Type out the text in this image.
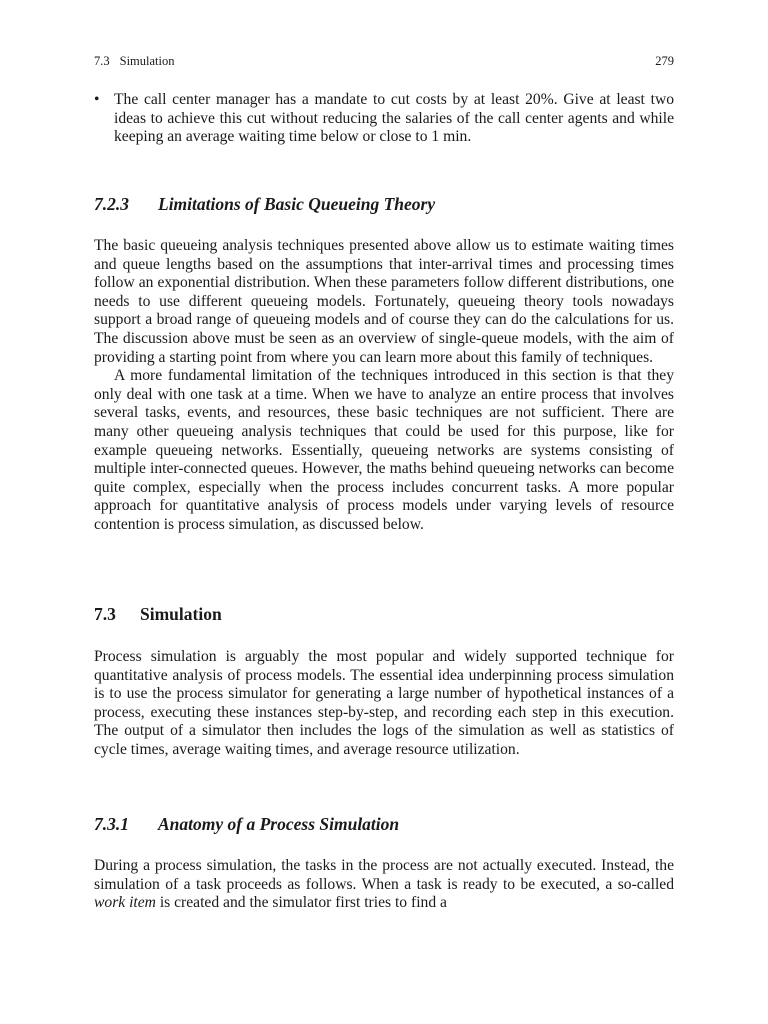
7.3 Simulation	279
• The call center manager has a mandate to cut costs by at least 20%. Give at least two ideas to achieve this cut without reducing the salaries of the call center agents and while keeping an average waiting time below or close to 1 min.
7.2.3 Limitations of Basic Queueing Theory

The basic queueing analysis techniques presented above allow us to estimate waiting times and queue lengths based on the assumptions that inter-arrival times and processing times follow an exponential distribution. When these parameters follow different distributions, one needs to use different queueing models. Fortunately, queueing theory tools nowadays support a broad range of queueing models and of course they can do the calculations for us. The discussion above must be seen as an overview of single-queue models, with the aim of providing a starting point from where you can learn more about this family of techniques.

A more fundamental limitation of the techniques introduced in this section is that they only deal with one task at a time. When we have to analyze an entire process that involves several tasks, events, and resources, these basic techniques are not sufficient. There are many other queueing analysis techniques that could be used for this purpose, like for example queueing networks. Essentially, queueing networks are systems consisting of multiple inter-connected queues. However, the maths behind queueing networks can become quite complex, especially when the process includes concurrent tasks. A more popular approach for quantitative analysis of process models under varying levels of resource contention is process simulation, as discussed below.

7.3 Simulation

Process simulation is arguably the most popular and widely supported technique for quantitative analysis of process models. The essential idea underpinning process simulation is to use the process simulator for generating a large number of hypothetical instances of a process, executing these instances step-by-step, and recording each step in this execution. The output of a simulator then includes the logs of the simulation as well as statistics of cycle times, average waiting times, and average resource utilization.

7.3.1 Anatomy of a Process Simulation

During a process simulation, the tasks in the process are not actually executed. Instead, the simulation of a task proceeds as follows. When a task is ready to be executed, a so-called work item is created and the simulator first tries to find a
